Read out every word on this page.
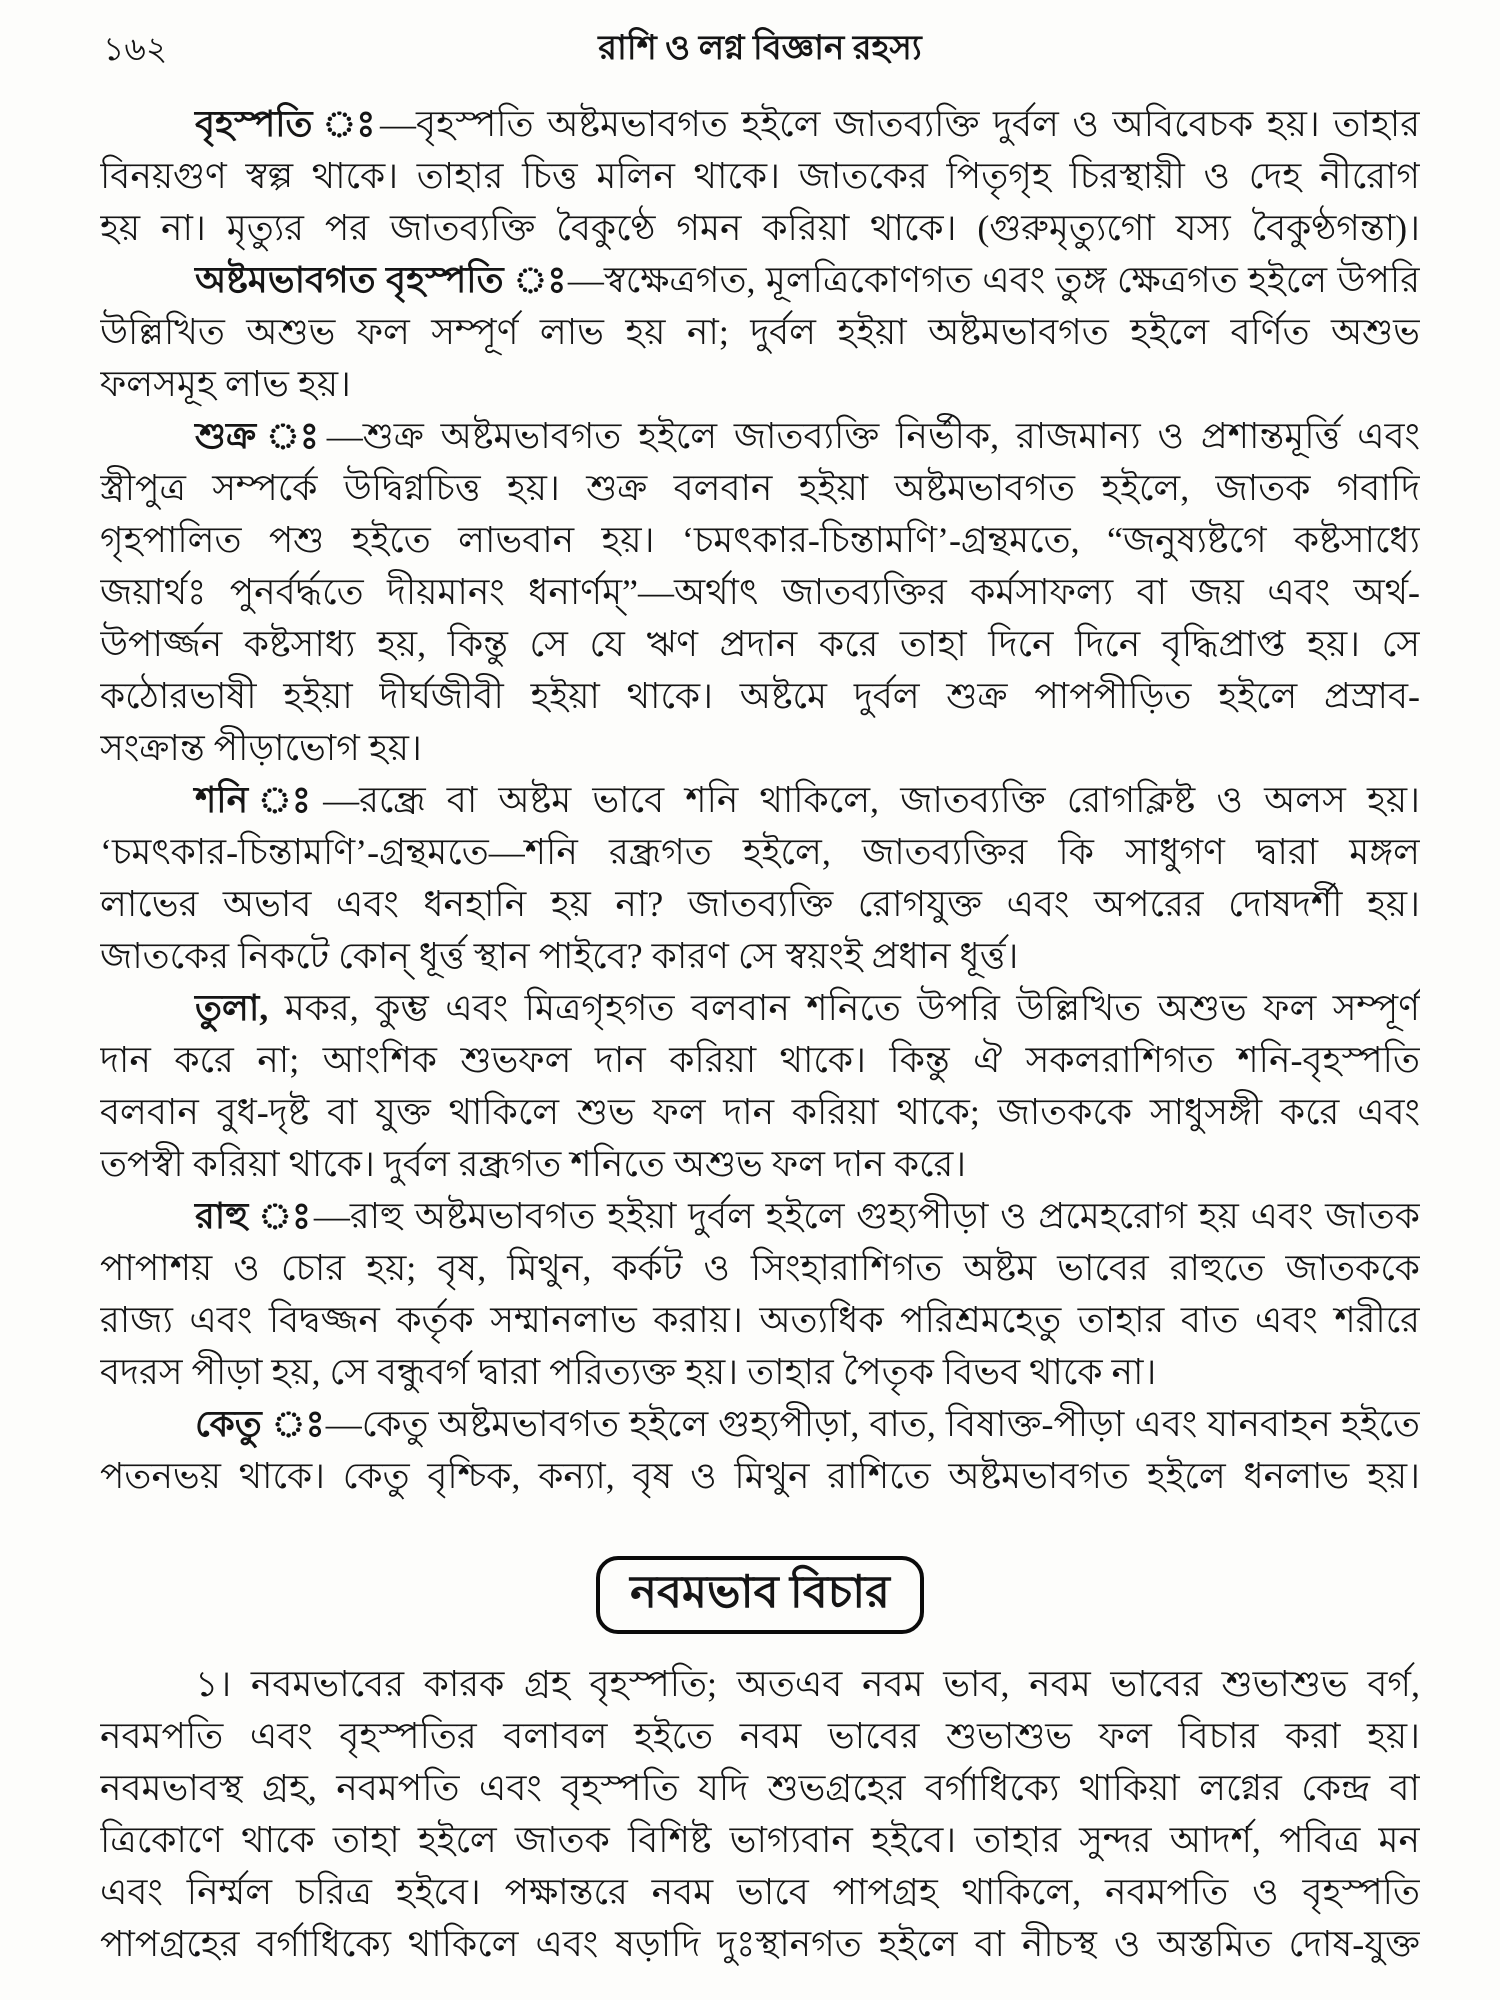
১৬২	রাশি ও লগ্ন বিজ্ঞান রহস্য
বৃহস্পতি ঃ—বৃহস্পতি অষ্টমভাবগত হইলে জাতব্যক্তি দুর্বল ও অবিবেচক হয়। তাহার
বিনয়গুণ স্বল্প থাকে। তাহার চিত্ত মলিন থাকে। জাতকের পিতৃগৃহ চিরস্থায়ী ও দেহ নীরোগ
হয় না। মৃত্যুর পর জাতব্যক্তি বৈকুণ্ঠে গমন করিয়া থাকে। (গুরুমৃত্যুগো যস্য বৈকুণ্ঠগন্তা)।
অষ্টমভাবগত বৃহস্পতি ঃ—স্বক্ষেত্রগত, মূলত্রিকোণগত এবং তুঙ্গ ক্ষেত্রগত হইলে উপরি
উল্লিখিত অশুভ ফল সম্পূর্ণ লাভ হয় না; দুর্বল হইয়া অষ্টমভাবগত হইলে বর্ণিত অশুভ
ফলসমূহ লাভ হয়।
শুক্র ঃ—শুক্র অষ্টমভাবগত হইলে জাতব্যক্তি নির্ভীক, রাজমান্য ও প্রশান্তমূর্ত্তি এবং
স্ত্রীপুত্র সম্পর্কে উদ্বিগ্নচিত্ত হয়। শুক্র বলবান হইয়া অষ্টমভাবগত হইলে, জাতক গবাদি
গৃহপালিত পশু হইতে লাভবান হয়। ‘চমৎকার-চিন্তামণি’-গ্রন্থমতে, “জনুষ্যষ্টগে কষ্টসাধ্যে
জয়ার্থঃ পুনর্বর্দ্ধতে দীয়মানং ধনার্ণম্”—অর্থাৎ জাতব্যক্তির কর্মসাফল্য বা জয় এবং অর্থ-
উপার্জ্জন কষ্টসাধ্য হয়, কিন্তু সে যে ঋণ প্রদান করে তাহা দিনে দিনে বৃদ্ধিপ্রাপ্ত হয়। সে
কঠোরভাষী হইয়া দীর্ঘজীবী হইয়া থাকে। অষ্টমে দুর্বল শুক্র পাপপীড়িত হইলে প্রস্রাব-
সংক্রান্ত পীড়াভোগ হয়।
শনি ঃ—রন্ধ্রে বা অষ্টম ভাবে শনি থাকিলে, জাতব্যক্তি রোগক্লিষ্ট ও অলস হয়।
‘চমৎকার-চিন্তামণি’-গ্রন্থমতে—শনি রন্ধ্রগত হইলে, জাতব্যক্তির কি সাধুগণ দ্বারা মঙ্গল
লাভের অভাব এবং ধনহানি হয় না? জাতব্যক্তি রোগযুক্ত এবং অপরের দোষদর্শী হয়।
জাতকের নিকটে কোন্ ধূর্ত্ত স্থান পাইবে? কারণ সে স্বয়ংই প্রধান ধূর্ত্ত।
তুলা, মকর, কুম্ভ এবং মিত্রগৃহগত বলবান শনিতে উপরি উল্লিখিত অশুভ ফল সম্পূর্ণ
দান করে না; আংশিক শুভফল দান করিয়া থাকে। কিন্তু ঐ সকলরাশিগত শনি-বৃহস্পতি
বলবান বুধ-দৃষ্ট বা যুক্ত থাকিলে শুভ ফল দান করিয়া থাকে; জাতককে সাধুসঙ্গী করে এবং
তপস্বী করিয়া থাকে। দুর্বল রন্ধ্রগত শনিতে অশুভ ফল দান করে।
রাহু ঃ—রাহু অষ্টমভাবগত হইয়া দুর্বল হইলে গুহ্যপীড়া ও প্রমেহরোগ হয় এবং জাতক
পাপাশয় ও চোর হয়; বৃষ, মিথুন, কর্কট ও সিংহারাশিগত অষ্টম ভাবের রাহুতে জাতককে
রাজ্য এবং বিদ্বজ্জন কর্তৃক সম্মানলাভ করায়। অত্যধিক পরিশ্রমহেতু তাহার বাত এবং শরীরে
বদরস পীড়া হয়, সে বন্ধুবর্গ দ্বারা পরিত্যক্ত হয়। তাহার পৈতৃক বিভব থাকে না।
কেতু ঃ—কেতু অষ্টমভাবগত হইলে গুহ্যপীড়া, বাত, বিষাক্ত-পীড়া এবং যানবাহন হইতে
পতনভয় থাকে। কেতু বৃশ্চিক, কন্যা, বৃষ ও মিথুন রাশিতে অষ্টমভাবগত হইলে ধনলাভ হয়।
নবমভাব বিচার
১। নবমভাবের কারক গ্রহ বৃহস্পতি; অতএব নবম ভাব, নবম ভাবের শুভাশুভ বর্গ,
নবমপতি এবং বৃহস্পতির বলাবল হইতে নবম ভাবের শুভাশুভ ফল বিচার করা হয়।
নবমভাবস্থ গ্রহ, নবমপতি এবং বৃহস্পতি যদি শুভগ্রহের বর্গাধিক্যে থাকিয়া লগ্নের কেন্দ্র বা
ত্রিকোণে থাকে তাহা হইলে জাতক বিশিষ্ট ভাগ্যবান হইবে। তাহার সুন্দর আদর্শ, পবিত্র মন
এবং নির্ম্মল চরিত্র হইবে। পক্ষান্তরে নবম ভাবে পাপগ্রহ থাকিলে, নবমপতি ও বৃহস্পতি
পাপগ্রহের বর্গাধিক্যে থাকিলে এবং ষড়াদি দুঃস্থানগত হইলে বা নীচস্থ ও অস্তমিত দোষ-যুক্ত
